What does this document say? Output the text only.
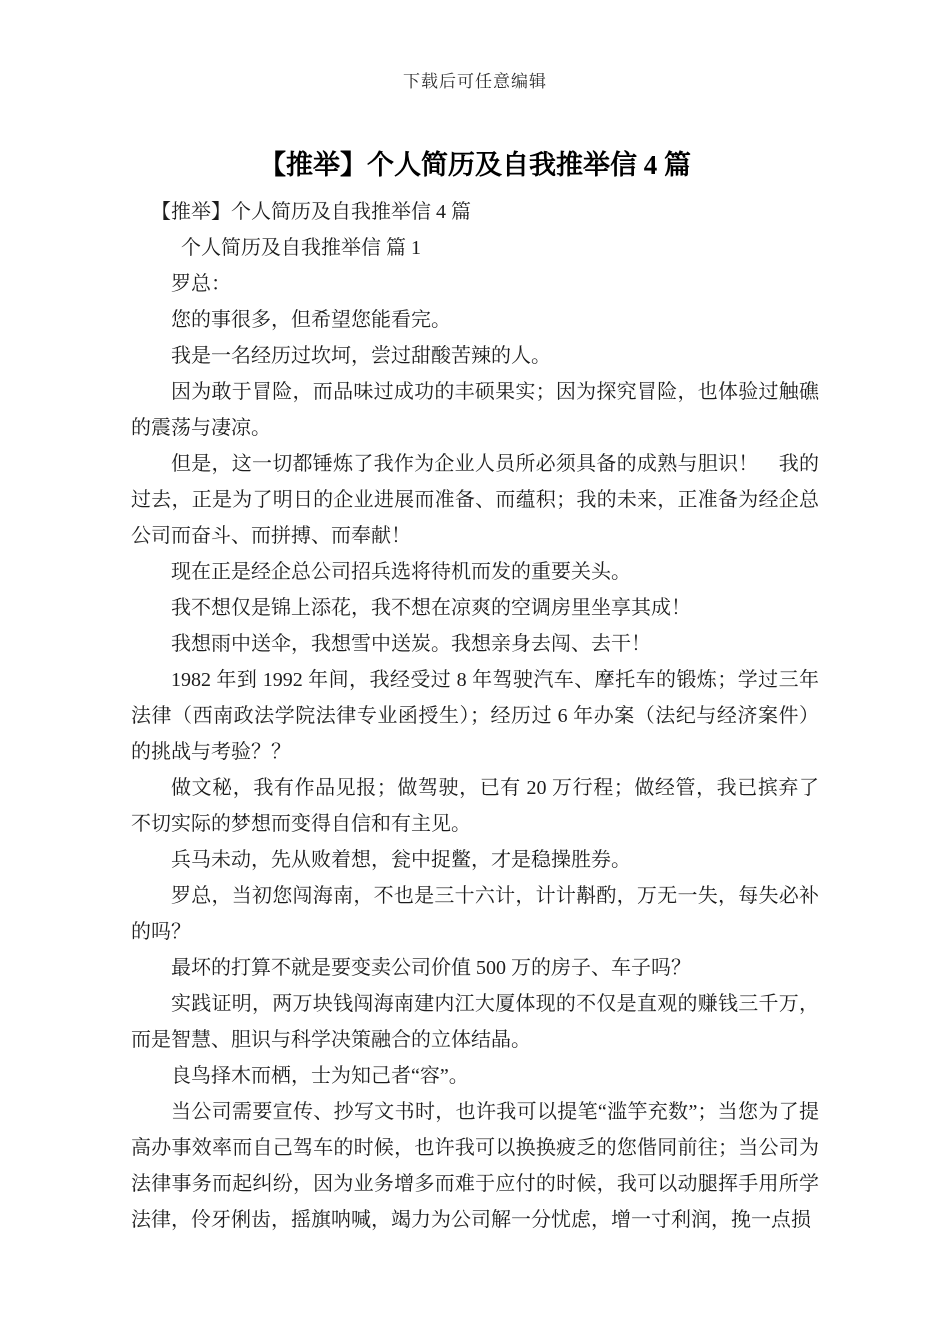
下载后可任意编辑
【推举】个人简历及自我推举信 4 篇

【推举】个人简历及自我推举信 4 篇

个人简历及自我推举信 篇 1

罗总：

您的事很多，但希望您能看完。

我是一名经历过坎坷，尝过甜酸苦辣的人。

因为敢于冒险，而品味过成功的丰硕果实；因为探究冒险，也体验过触礁的震荡与凄凉。

但是，这一切都锤炼了我作为企业人员所必须具备的成熟与胆识！　我的过去，正是为了明日的企业进展而准备、而蕴积；我的未来，正准备为经企总公司而奋斗、而拼搏、而奉献！

现在正是经企总公司招兵选将待机而发的重要关头。

我不想仅是锦上添花，我不想在凉爽的空调房里坐享其成！

我想雨中送伞，我想雪中送炭。我想亲身去闯、去干！

1982 年到 1992 年间，我经受过 8 年驾驶汽车、摩托车的锻炼；学过三年法律（西南政法学院法律专业函授生）；经历过 6 年办案（法纪与经济案件）的挑战与考验？？

做文秘，我有作品见报；做驾驶，已有 20 万行程；做经管，我已摈弃了不切实际的梦想而变得自信和有主见。

兵马未动，先从败着想，瓮中捉鳖，才是稳操胜券。

罗总，当初您闯海南，不也是三十六计，计计斠酌，万无一失，每失必补的吗？

最坏的打算不就是要变卖公司价值 500 万的房子、车子吗？

实践证明，两万块钱闯海南建内江大厦体现的不仅是直观的赚钱三千万，而是智慧、胆识与科学决策融合的立体结晶。

良鸟择木而栖，士为知己者“容”。

当公司需要宣传、抄写文书时，也许我可以提笔“滥竽充数”；当您为了提高办事效率而自己驾车的时候，也许我可以换换疲乏的您偕同前往；当公司为法律事务而起纠纷，因为业务增多而难于应付的时候，我可以动腿挥手用所学法律，伶牙俐齿，摇旗呐喊，竭力为公司解一分忧虑，增一寸利润，挽一点损
